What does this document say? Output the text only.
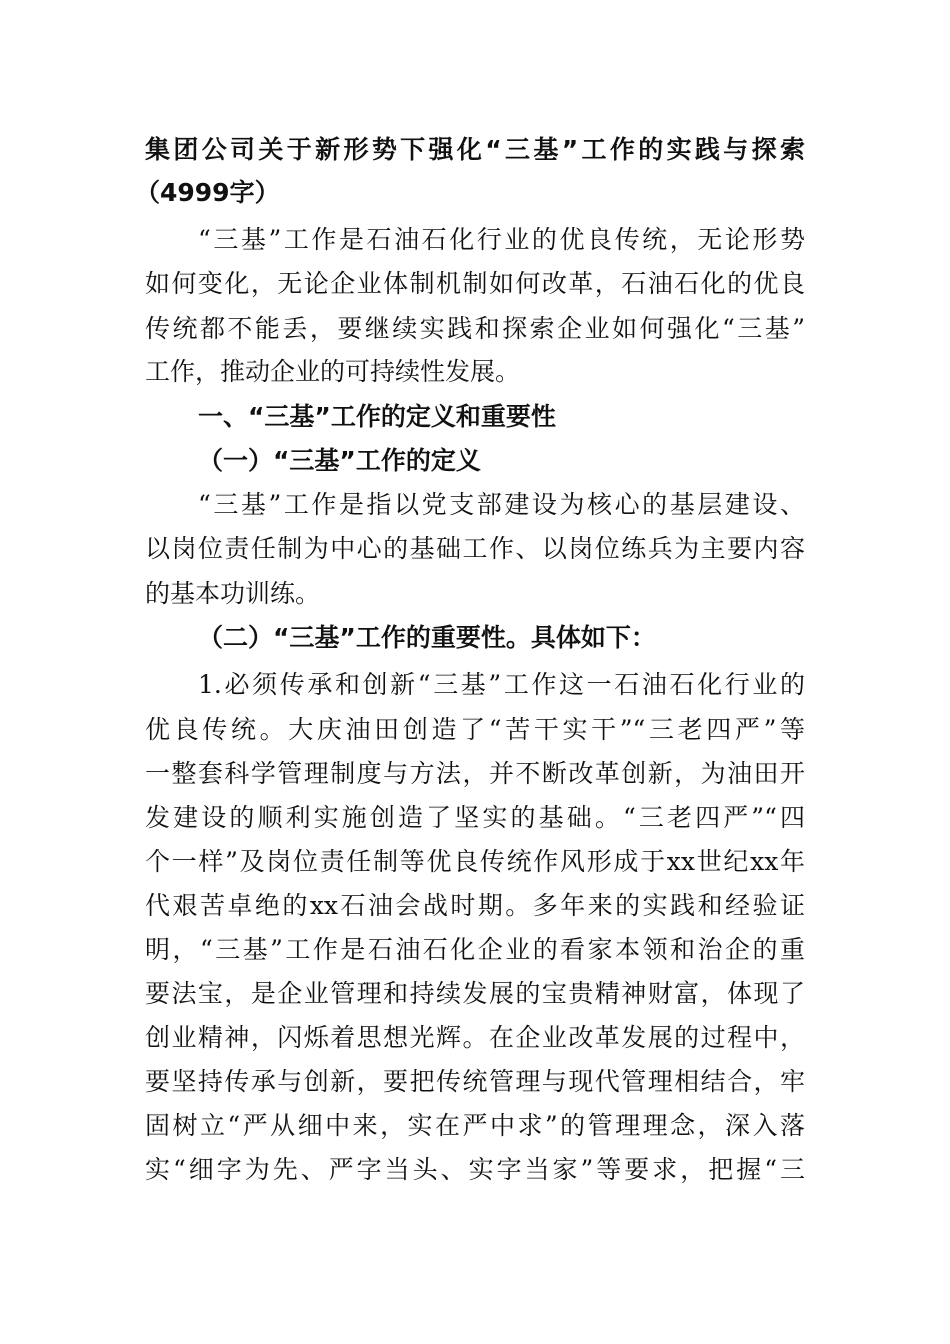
集团公司关于新形势下强化“三基”工作的实践与探索
（4999字）
“三基”工作是石油石化行业的优良传统，无论形势
如何变化，无论企业体制机制如何改革，石油石化的优良
传统都不能丢，要继续实践和探索企业如何强化“三基”
工作，推动企业的可持续性发展。
一、“三基”工作的定义和重要性
（一）“三基”工作的定义
“三基”工作是指以党支部建设为核心的基层建设、
以岗位责任制为中心的基础工作、以岗位练兵为主要内容
的基本功训练。
（二）“三基”工作的重要性。具体如下：
1.必须传承和创新“三基”工作这一石油石化行业的
优良传统。大庆油田创造了“苦干实干”“三老四严”等
一整套科学管理制度与方法，并不断改革创新，为油田开
发建设的顺利实施创造了坚实的基础。“三老四严”“四
个一样”及岗位责任制等优良传统作风形成于xx世纪xx年
代艰苦卓绝的xx石油会战时期。多年来的实践和经验证
明，“三基”工作是石油石化企业的看家本领和治企的重
要法宝，是企业管理和持续发展的宝贵精神财富，体现了
创业精神，闪烁着思想光辉。在企业改革发展的过程中，
要坚持传承与创新，要把传统管理与现代管理相结合，牢
固树立“严从细中来，实在严中求”的管理理念，深入落
实“细字为先、严字当头、实字当家”等要求，把握“三
